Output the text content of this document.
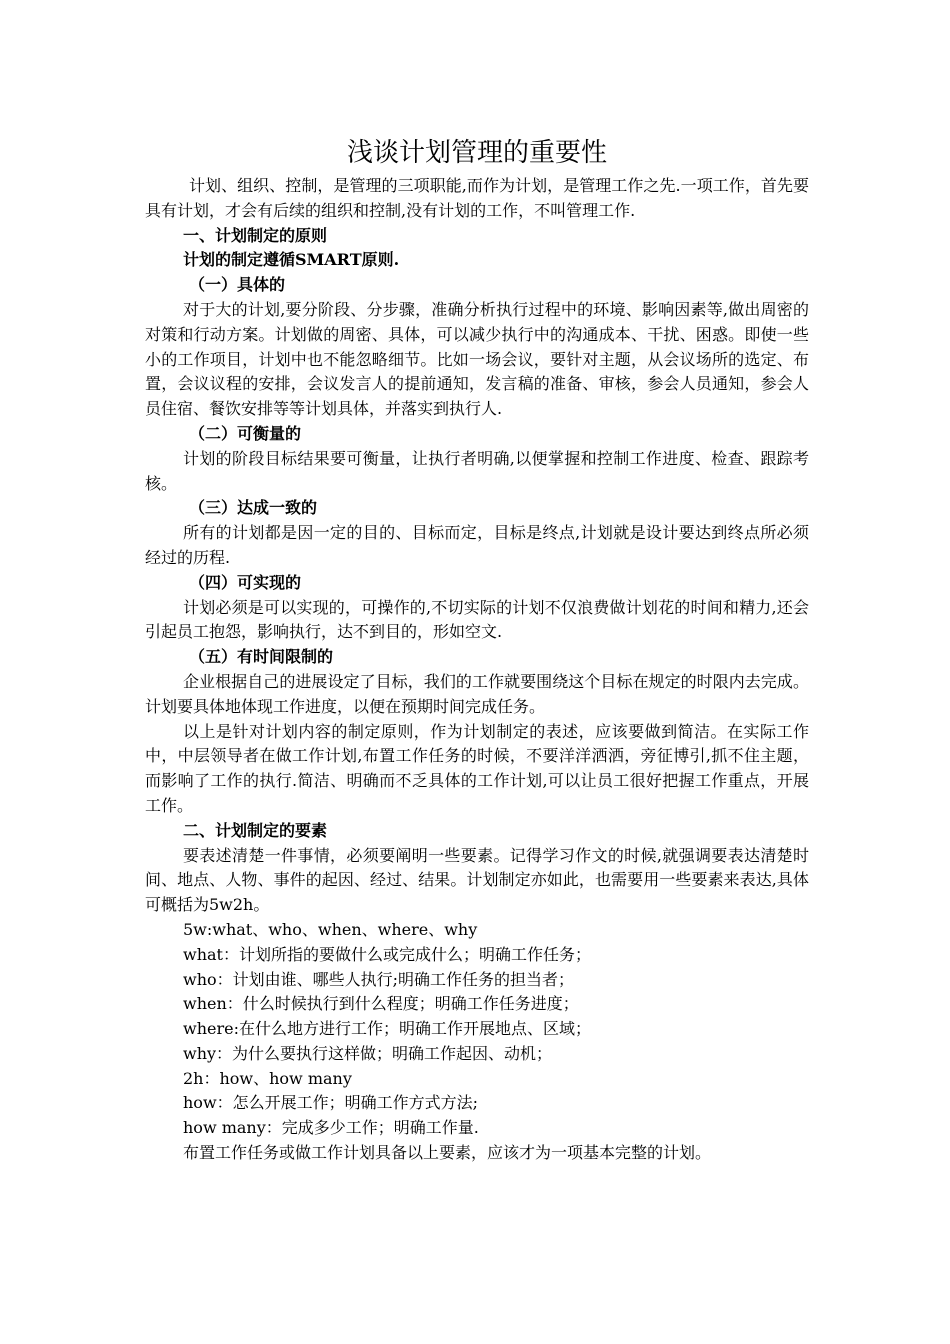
浅谈计划管理的重要性

计划、组织、控制，是管理的三项职能,而作为计划，是管理工作之先.一项工作，首先要具有计划，才会有后续的组织和控制,没有计划的工作，不叫管理工作.

一、计划制定的原则

计划的制定遵循SMART原则.

（一）具体的

对于大的计划,要分阶段、分步骤，准确分析执行过程中的环境、影响因素等,做出周密的对策和行动方案。计划做的周密、具体，可以减少执行中的沟通成本、干扰、困惑。即使一些小的工作项目，计划中也不能忽略细节。比如一场会议，要针对主题，从会议场所的选定、布置，会议议程的安排，会议发言人的提前通知，发言稿的准备、审核，参会人员通知，参会人员住宿、餐饮安排等等计划具体，并落实到执行人.

（二）可衡量的

计划的阶段目标结果要可衡量，让执行者明确,以便掌握和控制工作进度、检查、跟踪考核。

（三）达成一致的

所有的计划都是因一定的目的、目标而定，目标是终点,计划就是设计要达到终点所必须经过的历程.

（四）可实现的

计划必须是可以实现的，可操作的,不切实际的计划不仅浪费做计划花的时间和精力,还会引起员工抱怨，影响执行，达不到目的，形如空文.

（五）有时间限制的

企业根据自己的进展设定了目标，我们的工作就要围绕这个目标在规定的时限内去完成。计划要具体地体现工作进度，以便在预期时间完成任务。

以上是针对计划内容的制定原则，作为计划制定的表述，应该要做到简洁。在实际工作中，中层领导者在做工作计划,布置工作任务的时候，不要洋洋洒洒，旁征博引,抓不住主题，而影响了工作的执行.简洁、明确而不乏具体的工作计划,可以让员工很好把握工作重点，开展工作。

二、计划制定的要素

要表述清楚一件事情，必须要阐明一些要素。记得学习作文的时候,就强调要表达清楚时间、地点、人物、事件的起因、经过、结果。计划制定亦如此，也需要用一些要素来表达,具体可概括为5w2h。

5w:what、who、when、where、why

what：计划所指的要做什么或完成什么；明确工作任务；

who：计划由谁、哪些人执行;明确工作任务的担当者；

when：什么时候执行到什么程度；明确工作任务进度；

where:在什么地方进行工作；明确工作开展地点、区域；

why：为什么要执行这样做；明确工作起因、动机；

2h：how、how many

how：怎么开展工作；明确工作方式方法;

how many：完成多少工作；明确工作量.

布置工作任务或做工作计划具备以上要素，应该才为一项基本完整的计划。
